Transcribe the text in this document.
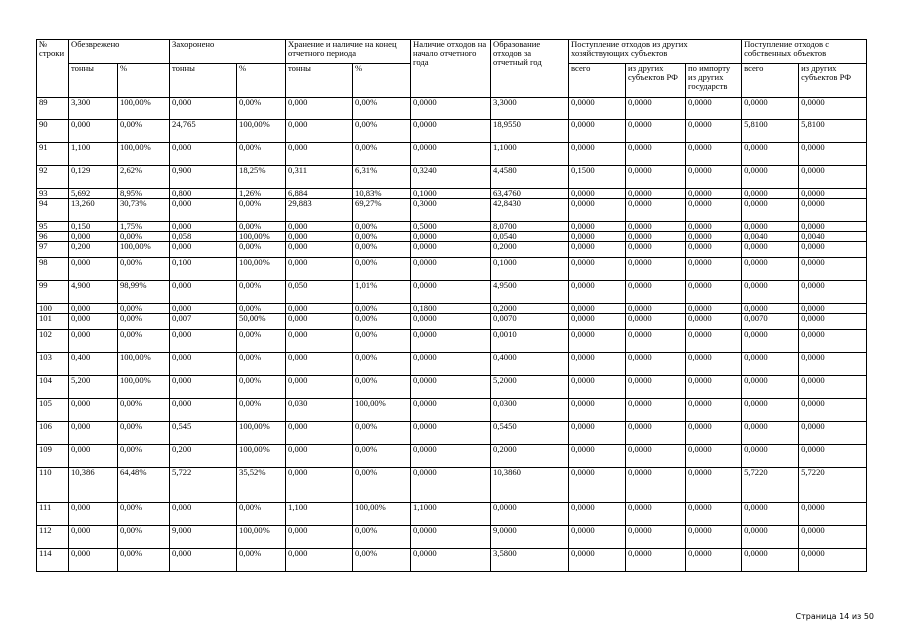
№ строки	Обезврежено		Захоронено		Хранение и наличие на конец отчетного периода		Наличие отходов на начало отчетного года	Образование отходов за отчетный год	Поступление отходов из других хозяйствующих субъектов			Поступление отходов с собственных объектов	
	тонны	%	тонны	%	тонны	%			всего	из других субъектов РФ	по импорту из других государств	всего	из других субъектов РФ
89	3,300	100,00%	0,000	0,00%	0,000	0,00%	0,0000	3,3000	0,0000	0,0000	0,0000	0,0000	0,0000
90	0,000	0,00%	24,765	100,00%	0,000	0,00%	0,0000	18,9550	0,0000	0,0000	0,0000	5,8100	5,8100
91	1,100	100,00%	0,000	0,00%	0,000	0,00%	0,0000	1,1000	0,0000	0,0000	0,0000	0,0000	0,0000
92	0,129	2,62%	0,900	18,25%	0,311	6,31%	0,3240	4,4580	0,1500	0,0000	0,0000	0,0000	0,0000
93	5,692	8,95%	0,800	1,26%	6,884	10,83%	0,1000	63,4760	0,0000	0,0000	0,0000	0,0000	0,0000
94	13,260	30,73%	0,000	0,00%	29,883	69,27%	0,3000	42,8430	0,0000	0,0000	0,0000	0,0000	0,0000
95	0,150	1,75%	0,000	0,00%	0,000	0,00%	0,5000	8,0700	0,0000	0,0000	0,0000	0,0000	0,0000
96	0,000	0,00%	0,058	100,00%	0,000	0,00%	0,0000	0,0540	0,0000	0,0000	0,0000	0,0040	0,0040
97	0,200	100,00%	0,000	0,00%	0,000	0,00%	0,0000	0,2000	0,0000	0,0000	0,0000	0,0000	0,0000
98	0,000	0,00%	0,100	100,00%	0,000	0,00%	0,0000	0,1000	0,0000	0,0000	0,0000	0,0000	0,0000
99	4,900	98,99%	0,000	0,00%	0,050	1,01%	0,0000	4,9500	0,0000	0,0000	0,0000	0,0000	0,0000
100	0,000	0,00%	0,000	0,00%	0,000	0,00%	0,1800	0,2000	0,0000	0,0000	0,0000	0,0000	0,0000
101	0,000	0,00%	0,007	50,00%	0,000	0,00%	0,0000	0,0070	0,0000	0,0000	0,0000	0,0070	0,0000
102	0,000	0,00%	0,000	0,00%	0,000	0,00%	0,0000	0,0010	0,0000	0,0000	0,0000	0,0000	0,0000
103	0,400	100,00%	0,000	0,00%	0,000	0,00%	0,0000	0,4000	0,0000	0,0000	0,0000	0,0000	0,0000
104	5,200	100,00%	0,000	0,00%	0,000	0,00%	0,0000	5,2000	0,0000	0,0000	0,0000	0,0000	0,0000
105	0,000	0,00%	0,000	0,00%	0,030	100,00%	0,0000	0,0300	0,0000	0,0000	0,0000	0,0000	0,0000
106	0,000	0,00%	0,545	100,00%	0,000	0,00%	0,0000	0,5450	0,0000	0,0000	0,0000	0,0000	0,0000
109	0,000	0,00%	0,200	100,00%	0,000	0,00%	0,0000	0,2000	0,0000	0,0000	0,0000	0,0000	0,0000
110	10,386	64,48%	5,722	35,52%	0,000	0,00%	0,0000	10,3860	0,0000	0,0000	0,0000	5,7220	5,7220
111	0,000	0,00%	0,000	0,00%	1,100	100,00%	1,1000	0,0000	0,0000	0,0000	0,0000	0,0000	0,0000
112	0,000	0,00%	9,000	100,00%	0,000	0,00%	0,0000	9,0000	0,0000	0,0000	0,0000	0,0000	0,0000
114	0,000	0,00%	0,000	0,00%	0,000	0,00%	0,0000	3,5800	0,0000	0,0000	0,0000	0,0000	0,0000
Страница 14 из 50
